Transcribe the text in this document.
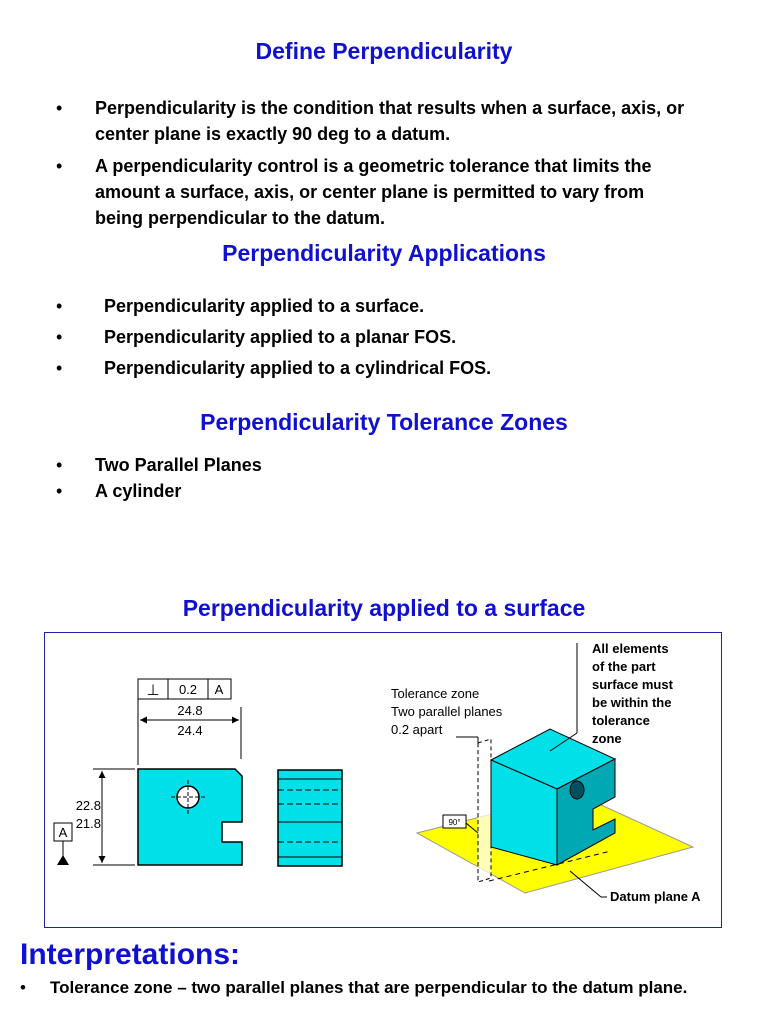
Define Perpendicularity
• Perpendicularity is the condition that results when a surface, axis, or center plane is exactly 90 deg to a datum.
• A perpendicularity control is a geometric tolerance that limits the amount a surface, axis, or center plane is permitted to vary from being perpendicular to the datum.
Perpendicularity Applications
• Perpendicularity applied to a surface.
• Perpendicularity applied to a planar FOS.
• Perpendicularity applied to a cylindrical FOS.
Perpendicularity Tolerance Zones
• Two Parallel Planes
• A cylinder
Perpendicularity applied to a surface
⊥ 0.2 A
24.8
24.4
22.8
21.8
A
90°
Tolerance zone
Two parallel planes
0.2 apart
All elements
of the part
surface must
be within the
tolerance
zone
Datum plane A
Interpretations:
• Tolerance zone – two parallel planes that are perpendicular to the datum plane.
